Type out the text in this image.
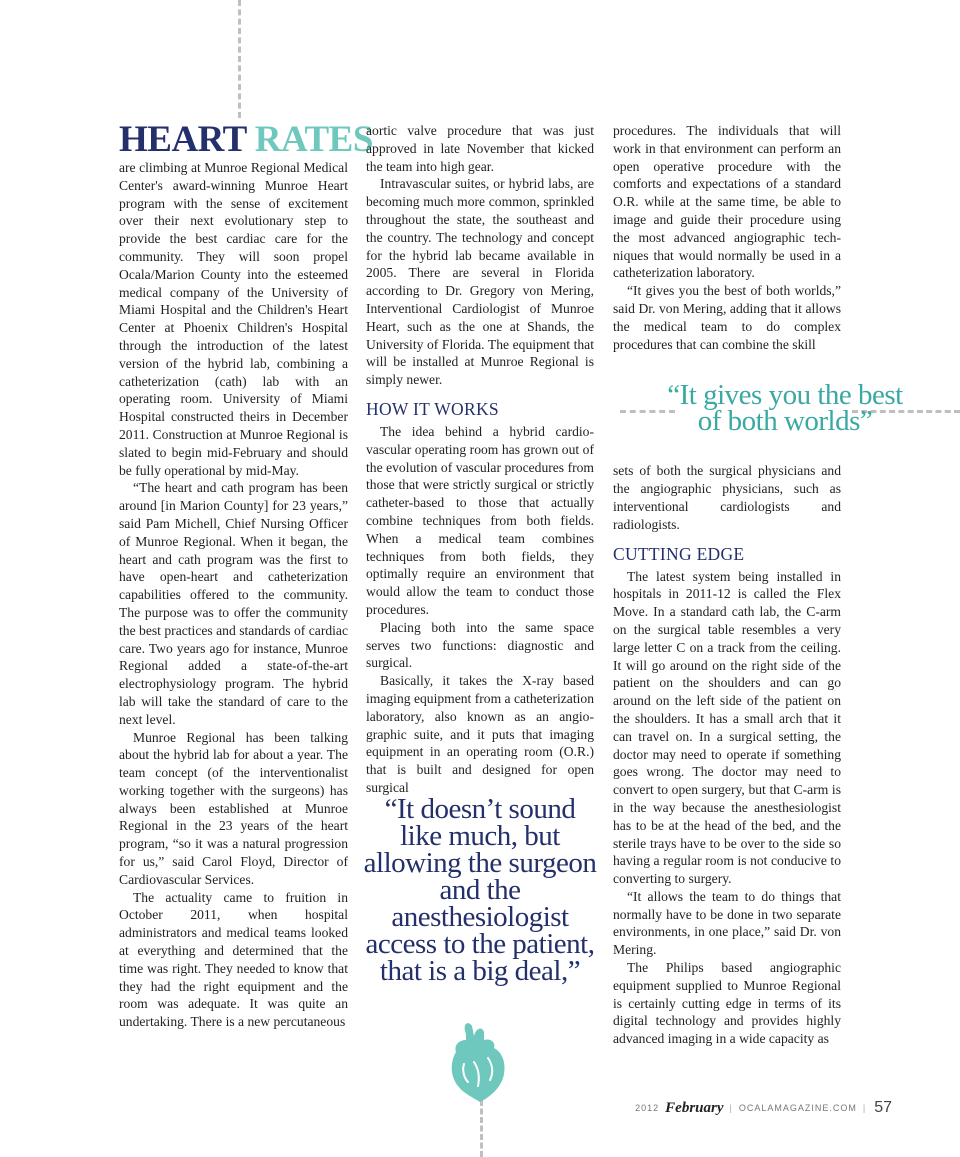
HEART RATES

are climbing at Munroe Regional Medical Center's award-winning Munroe Heart program with the sense of excitement over their next evolutionary step to provide the best cardiac care for the community. They will soon propel Ocala/Marion County into the esteemed medical company of the University of Miami Hospital and the Children's Heart Center at Phoenix Children's Hospital through the introduction of the latest version of the hybrid lab, combining a catheterization (cath) lab with an operating room. University of Miami Hospital constructed theirs in December 2011. Construction at Munroe Regional is slated to begin mid-February and should be fully operational by mid-May.

“The heart and cath program has been around [in Marion County] for 23 years,” said Pam Michell, Chief Nursing Officer of Munroe Regional. When it began, the heart and cath program was the first to have open-heart and catheterization capabilities offered to the community. The purpose was to offer the community the best practices and standards of cardiac care. Two years ago for instance, Munroe Regional added a state-of-the-art electrophysiology program. The hybrid lab will take the standard of care to the next level.

Munroe Regional has been talking about the hybrid lab for about a year. The team concept (of the interventionalist working together with the surgeons) has always been established at Munroe Regional in the 23 years of the heart program, “so it was a natural progression for us,” said Carol Floyd, Director of Cardiovascular Services.

The actuality came to fruition in October 2011, when hospital administrators and medical teams looked at everything and determined that the time was right. They needed to know that they had the right equipment and the room was adequate. It was quite an undertaking. There is a new percutaneous

aortic valve procedure that was just approved in late November that kicked the team into high gear.

Intravascular suites, or hybrid labs, are becoming much more common, sprinkled throughout the state, the southeast and the country. The technology and concept for the hybrid lab became available in 2005. There are several in Florida according to Dr. Gregory von Mering, Interventional Cardiologist of Munroe Heart, such as the one at Shands, the University of Florida. The equipment that will be installed at Munroe Regional is simply newer.

HOW IT WORKS

The idea behind a hybrid cardio-vascular operating room has grown out of the evolution of vascular procedures from those that were strictly surgical or strictly catheter-based to those that actually combine techniques from both fields. When a medical team combines techniques from both fields, they optimally require an environment that would allow the team to conduct those procedures.

Placing both into the same space serves two functions: diagnostic and surgical.

Basically, it takes the X-ray based imaging equipment from a catheterization laboratory, also known as an angio-graphic suite, and it puts that imaging equipment in an operating room (O.R.) that is built and designed for open surgical

“It doesn’t sound like much, but allowing the surgeon and the anesthesiologist access to the patient, that is a big deal,”

procedures. The individuals that will work in that environment can perform an open operative procedure with the comforts and expectations of a standard O.R. while at the same time, be able to image and guide their procedure using the most advanced angiographic tech-niques that would normally be used in a catheterization laboratory.

“It gives you the best of both worlds,” said Dr. von Mering, adding that it allows the medical team to do complex procedures that can combine the skill

sets of both the surgical physicians and the angiographic physicians, such as interventional cardiologists and radiologists.

CUTTING EDGE

The latest system being installed in hospitals in 2011-12 is called the Flex Move. In a standard cath lab, the C-arm on the surgical table resembles a very large letter C on a track from the ceiling. It will go around on the right side of the patient on the shoulders and can go around on the left side of the patient on the shoulders. It has a small arch that it can travel on. In a surgical setting, the doctor may need to operate if something goes wrong. The doctor may need to convert to open surgery, but that C-arm is in the way because the anesthesiologist has to be at the head of the bed, and the sterile trays have to be over to the side so having a regular room is not conducive to converting to surgery.

“It allows the team to do things that normally have to be done in two separate environments, in one place,” said Dr. von Mering.

The Philips based angiographic equipment supplied to Munroe Regional is certainly cutting edge in terms of its digital technology and provides highly advanced imaging in a wide capacity as

“It gives you the best
of both worlds”
2012 February | OCALAMAGAZINE.COM | 57
